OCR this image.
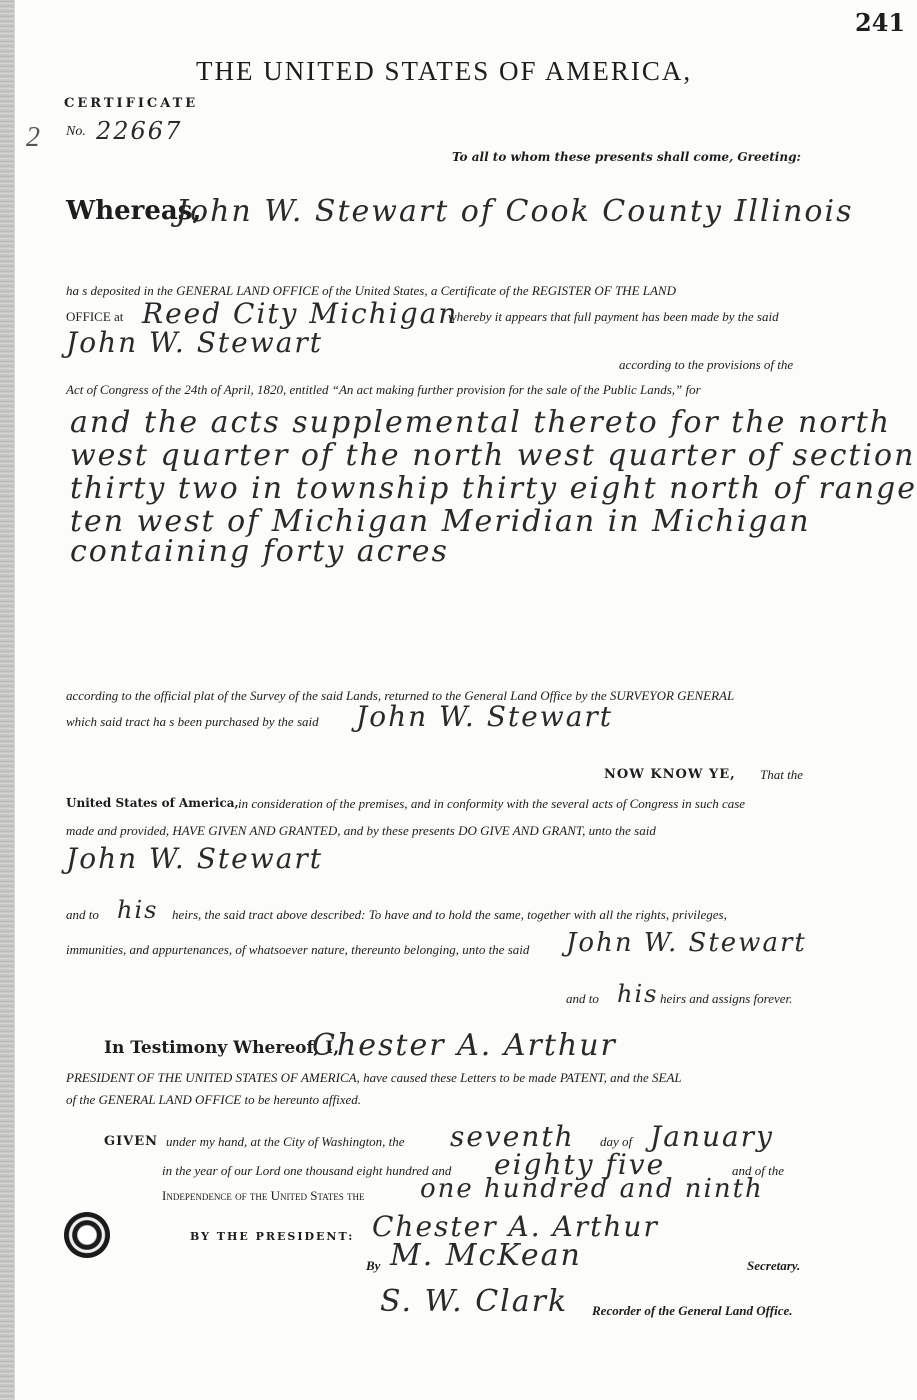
241
THE UNITED STATES OF AMERICA,
CERTIFICATE
No. 22667
2
To all to whom these presents shall come, Greeting:
Whereas,
John W. Stewart of Cook County Illinois
ha s deposited in the GENERAL LAND OFFICE of the United States, a Certificate of the REGISTER OF THE LAND
OFFICE at Reed City Michigan
whereby it appears that full payment has been made by the said
John W. Stewart
according to the provisions of the
Act of Congress of the 24th of April, 1820, entitled “An act making further provision for the sale of the Public Lands,” for
and the acts supplemental thereto for the north
west quarter of the north west quarter of section
thirty two in township thirty eight north of range
ten west of Michigan Meridian in Michigan
containing forty acres
according to the official plat of the Survey of the said Lands, returned to the General Land Office by the SURVEYOR GENERAL
which said tract ha s been purchased by the said John W. Stewart
NOW KNOW YE, That the
United States of America, in consideration of the premises, and in conformity with the several acts of Congress in such case
made and provided, HAVE GIVEN AND GRANTED, and by these presents DO GIVE AND GRANT, unto the said
John W. Stewart
and to his heirs, the said tract above described: To have and to hold the same, together with all the rights, privileges,
immunities, and appurtenances, of whatsoever nature, thereunto belonging, unto the said John W. Stewart
and to his heirs and assigns forever.
In Testimony Whereof, I,
Chester A. Arthur
PRESIDENT OF THE UNITED STATES OF AMERICA, have caused these Letters to be made PATENT, and the SEAL
of the GENERAL LAND OFFICE to be hereunto affixed.
GIVEN under my hand, at the City of Washington, the seventh day of January
in the year of our Lord one thousand eight hundred and eighty five	and of the
Independence of the United States the one hundred and ninth
BY THE PRESIDENT: Chester A. Arthur
By M. McKean	Secretary.
S. W. Clark Recorder of the General Land Office.
